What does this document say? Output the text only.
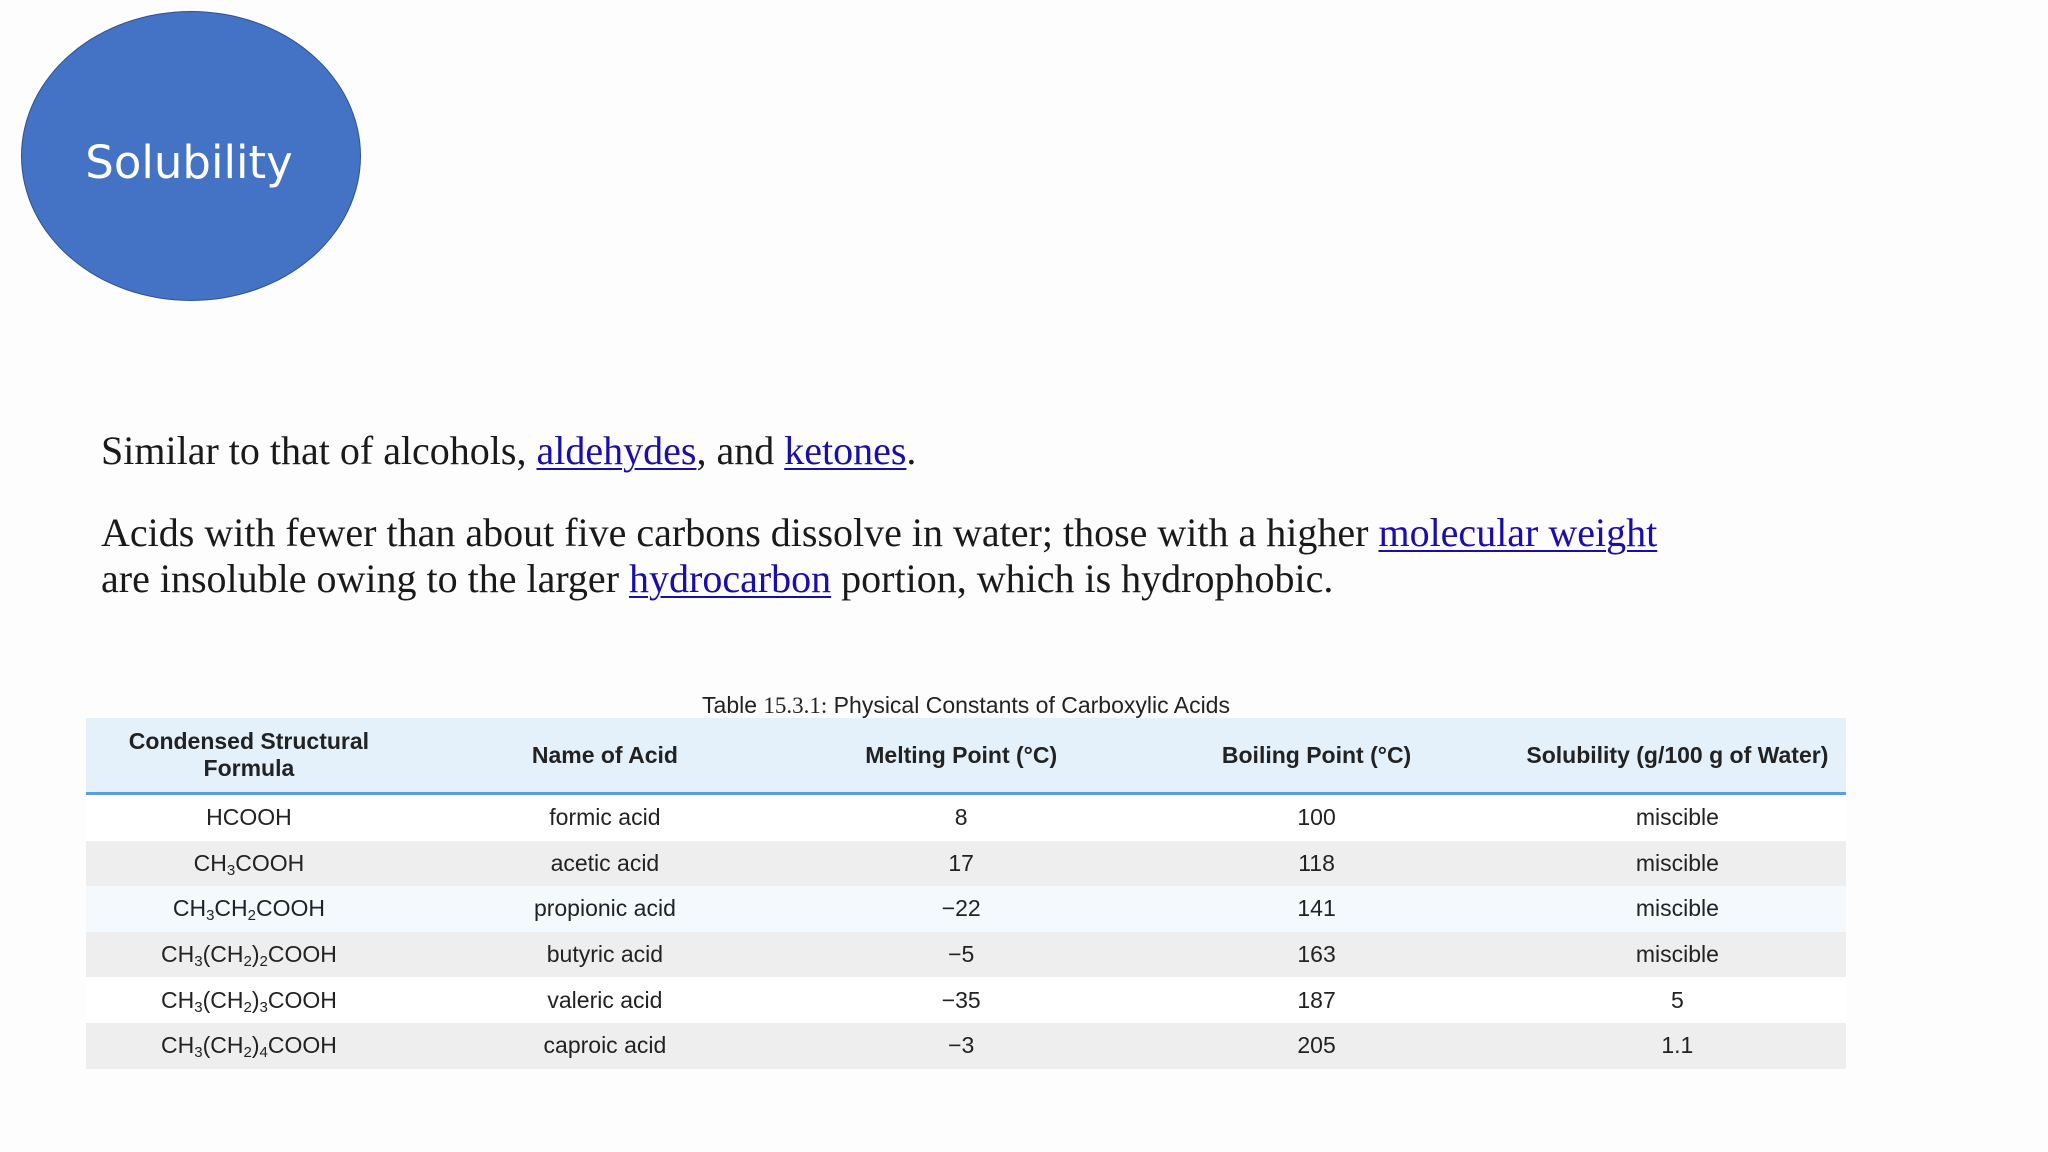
Solubility
Similar to that of alcohols, aldehydes, and ketones.
Acids with fewer than about five carbons dissolve in water; those with a higher molecular weight are insoluble owing to the larger hydrocarbon portion, which is hydrophobic.
Table 15.3.1: Physical Constants of Carboxylic Acids
Condensed Structural Formula	Name of Acid	Melting Point (°C)	Boiling Point (°C)	Solubility (g/100 g of Water)
HCOOH	formic acid	8	100	miscible
$CH_3COOH$	acetic acid	17	118	miscible
$CH_3CH_2COOH$	propionic acid	−22	141	miscible
$CH_3(CH_2)_2COOH$	butyric acid	−5	163	miscible
$CH_3(CH_2)_3COOH$	valeric acid	−35	187	5
$CH_3(CH_2)_4COOH$	caproic acid	−3	205	1.1
